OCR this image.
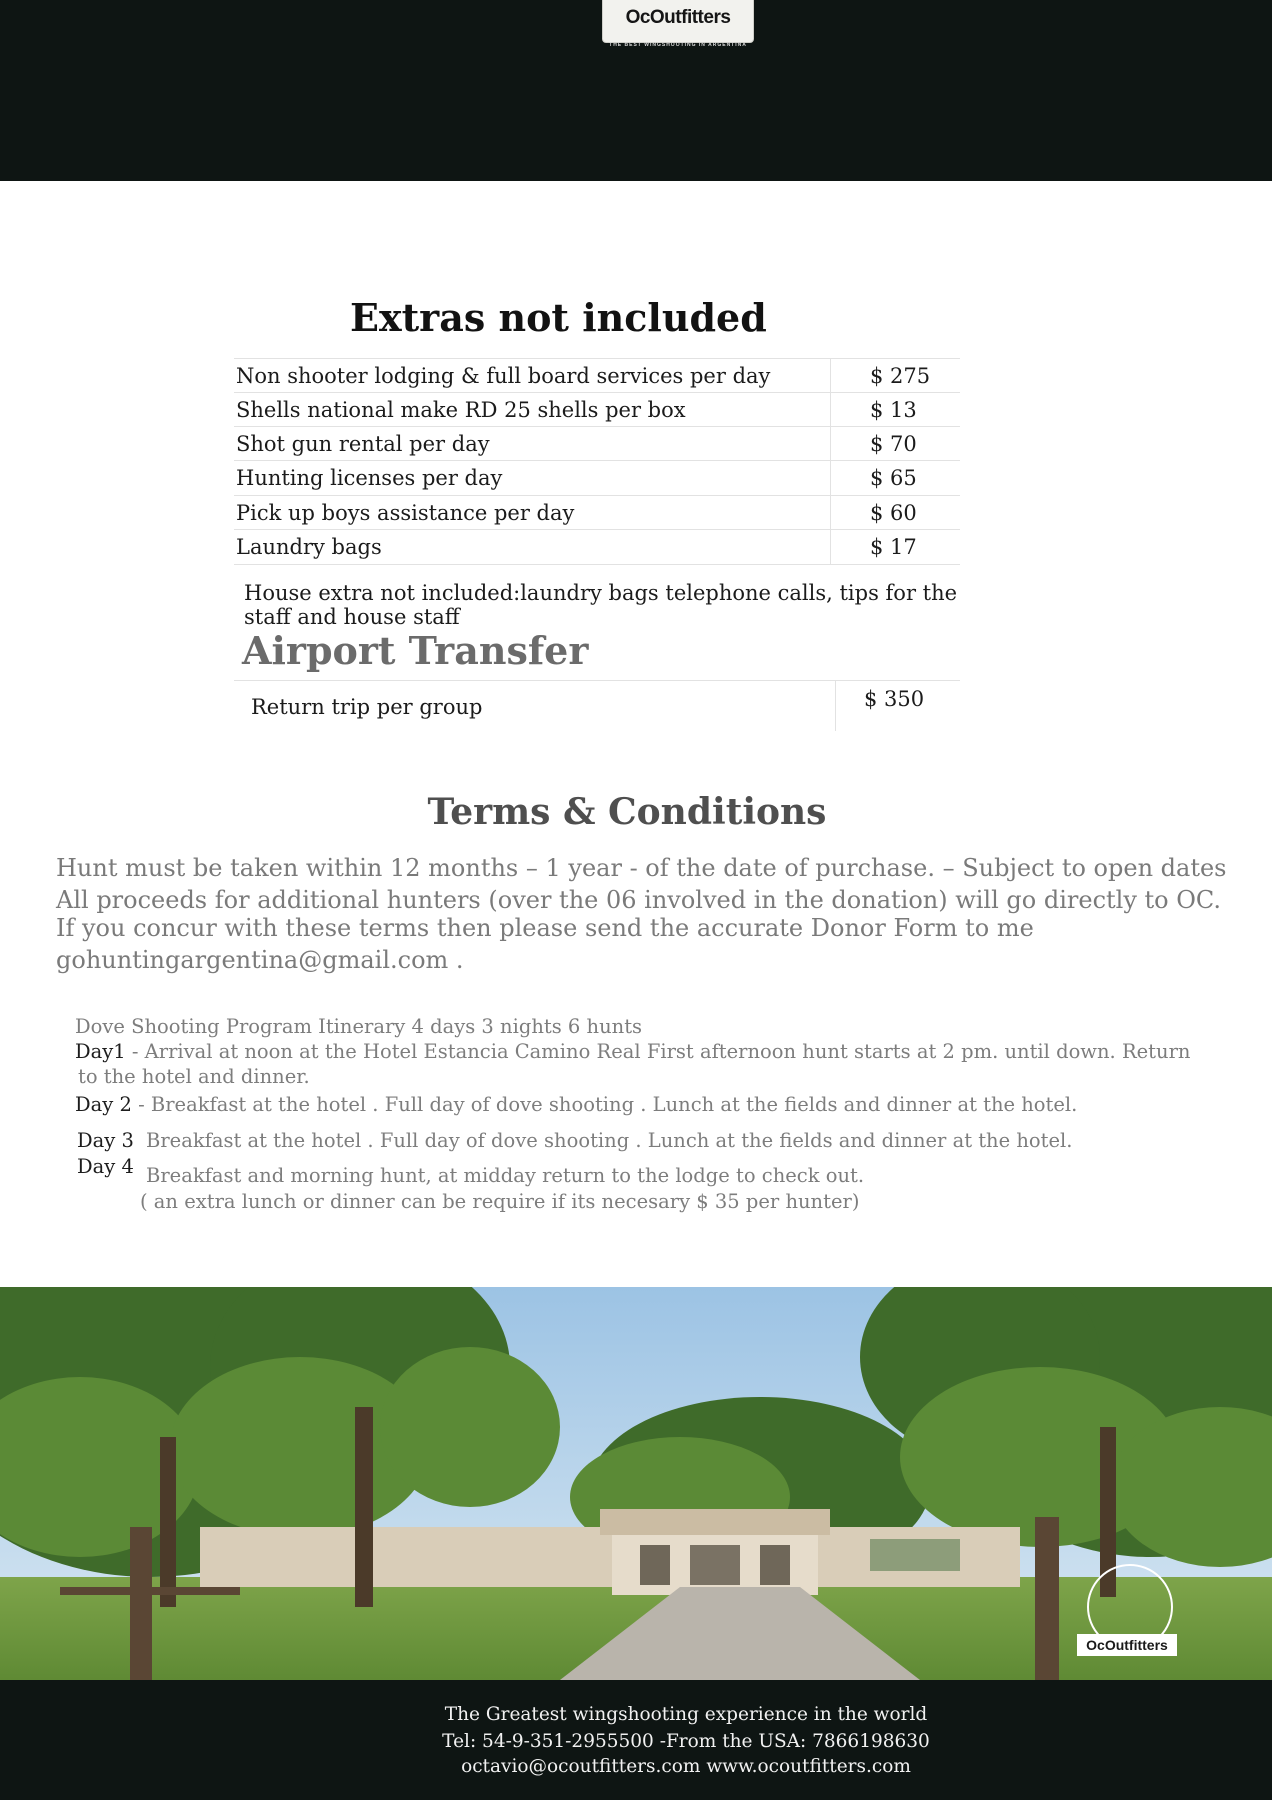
OcOutfitters
THE BEST WINGSHOOTING IN ARGENTINA
Extras not included
Non shooter lodging & full board services per day	$ 275
Shells national make RD 25 shells per box	$ 13
Shot gun rental per day	$ 70
Hunting licenses per day	$ 65
Pick up boys assistance per day	$ 60
Laundry bags	$ 17
House extra not included:laundry bags telephone calls, tips for the staff and house staff
Airport Transfer
Return trip per group	$ 350
Terms & Conditions
Hunt must be taken within 12 months – 1 year - of the date of purchase. – Subject to open dates
All proceeds for additional hunters (over the 06 involved in the donation) will go directly to OC.
If you concur with these terms then please send the accurate Donor Form to me
gohuntingargentina@gmail.com .
Dove Shooting Program Itinerary 4 days 3 nights 6 hunts
Day1 - Arrival at noon at the Hotel Estancia Camino Real First afternoon hunt starts at 2 pm. until down. Return
to the hotel and dinner.
Day 2 - Breakfast at the hotel . Full day of dove shooting . Lunch at the fields and dinner at the hotel.
Day 3 Breakfast at the hotel . Full day of dove shooting . Lunch at the fields and dinner at the hotel.
Day 4 Breakfast and morning hunt, at midday return to the lodge to check out.
( an extra lunch or dinner can be require if its necesary $ 35 per hunter)
OcOutfitters
The Greatest wingshooting experience in the world
Tel: 54-9-351-2955500 -From the USA: 7866198630
octavio@ocoutfitters.com www.ocoutfitters.com
